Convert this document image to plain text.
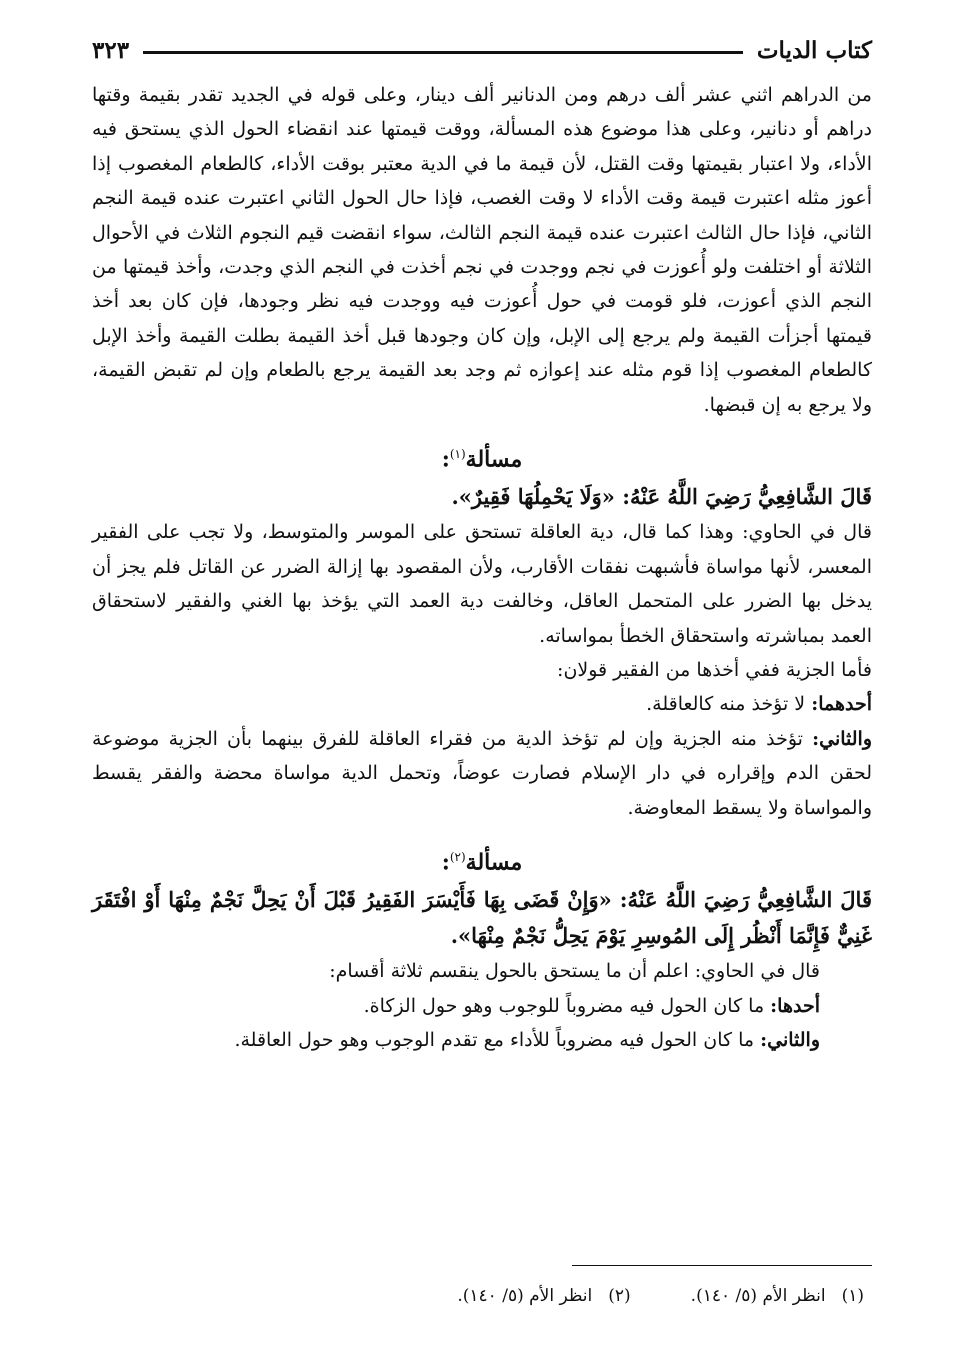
كتاب الديات
٣٢٣

من الدراهم اثني عشر ألف درهم ومن الدنانير ألف دينار، وعلى قوله في الجديد تقدر بقيمة وقتها دراهم أو دنانير، وعلى هذا موضوع هذه المسألة، ووقت قيمتها عند انقضاء الحول الذي يستحق فيه الأداء، ولا اعتبار بقيمتها وقت القتل، لأن قيمة ما في الدية معتبر بوقت الأداء، كالطعام المغصوب إذا أعوز مثله اعتبرت قيمة وقت الأداء لا وقت الغصب، فإذا حال الحول الثاني اعتبرت عنده قيمة النجم الثاني، فإذا حال الثالث اعتبرت عنده قيمة النجم الثالث، سواء انقضت قيم النجوم الثلاث في الأحوال الثلاثة أو اختلفت ولو أُعوزت في نجم ووجدت في نجم أخذت في النجم الذي وجدت، وأخذ قيمتها من النجم الذي أعوزت، فلو قومت في حول أُعوزت فيه ووجدت فيه نظر وجودها، فإن كان بعد أخذ قيمتها أجزأت القيمة ولم يرجع إلى الإبل، وإن كان وجودها قبل أخذ القيمة بطلت القيمة وأخذ الإبل كالطعام المغصوب إذا قوم مثله عند إعوازه ثم وجد بعد القيمة يرجع بالطعام وإن لم تقبض القيمة، ولا يرجع به إن قبضها.

مسألة$^{(١)}$:

قَالَ الشَّافِعِيُّ رَضِيَ اللَّهُ عَنْهُ: «وَلَا يَحْمِلُهَا فَقِيرٌ».

قال في الحاوي: وهذا كما قال، دية العاقلة تستحق على الموسر والمتوسط، ولا تجب على الفقير المعسر، لأنها مواساة فأشبهت نفقات الأقارب، ولأن المقصود بها إزالة الضرر عن القاتل فلم يجز أن يدخل بها الضرر على المتحمل العاقل، وخالفت دية العمد التي يؤخذ بها الغني والفقير لاستحقاق العمد بمباشرته واستحقاق الخطأ بمواساته.

فأما الجزية ففي أخذها من الفقير قولان:

أحدهما: لا تؤخذ منه كالعاقلة.

والثاني: تؤخذ منه الجزية وإن لم تؤخذ الدية من فقراء العاقلة للفرق بينهما بأن الجزية موضوعة لحقن الدم وإقراره في دار الإسلام فصارت عوضاً، وتحمل الدية مواساة محضة والفقر يقسط والمواساة ولا يسقط المعاوضة.

مسألة$^{(٢)}$:

قَالَ الشَّافِعِيُّ رَضِيَ اللَّهُ عَنْهُ: «وَإِنْ قَضَى بِهَا فَأَيْسَرَ الفَقِيرُ قَبْلَ أَنْ يَحِلَّ نَجْمٌ مِنْهَا أَوْ افْتَقَرَ غَنِيٌّ فَإِنَّمَا أَنْظُر إِلَى المُوسِرِ يَوْمَ يَحِلُّ نَجْمٌ مِنْهَا».

قال في الحاوي: اعلم أن ما يستحق بالحول ينقسم ثلاثة أقسام:

أحدها: ما كان الحول فيه مضروباً للوجوب وهو حول الزكاة.

والثاني: ما كان الحول فيه مضروباً للأداء مع تقدم الوجوب وهو حول العاقلة.

(١)انظر الأم (٥/ ١٤٠).
(٢)انظر الأم (٥/ ١٤٠).
